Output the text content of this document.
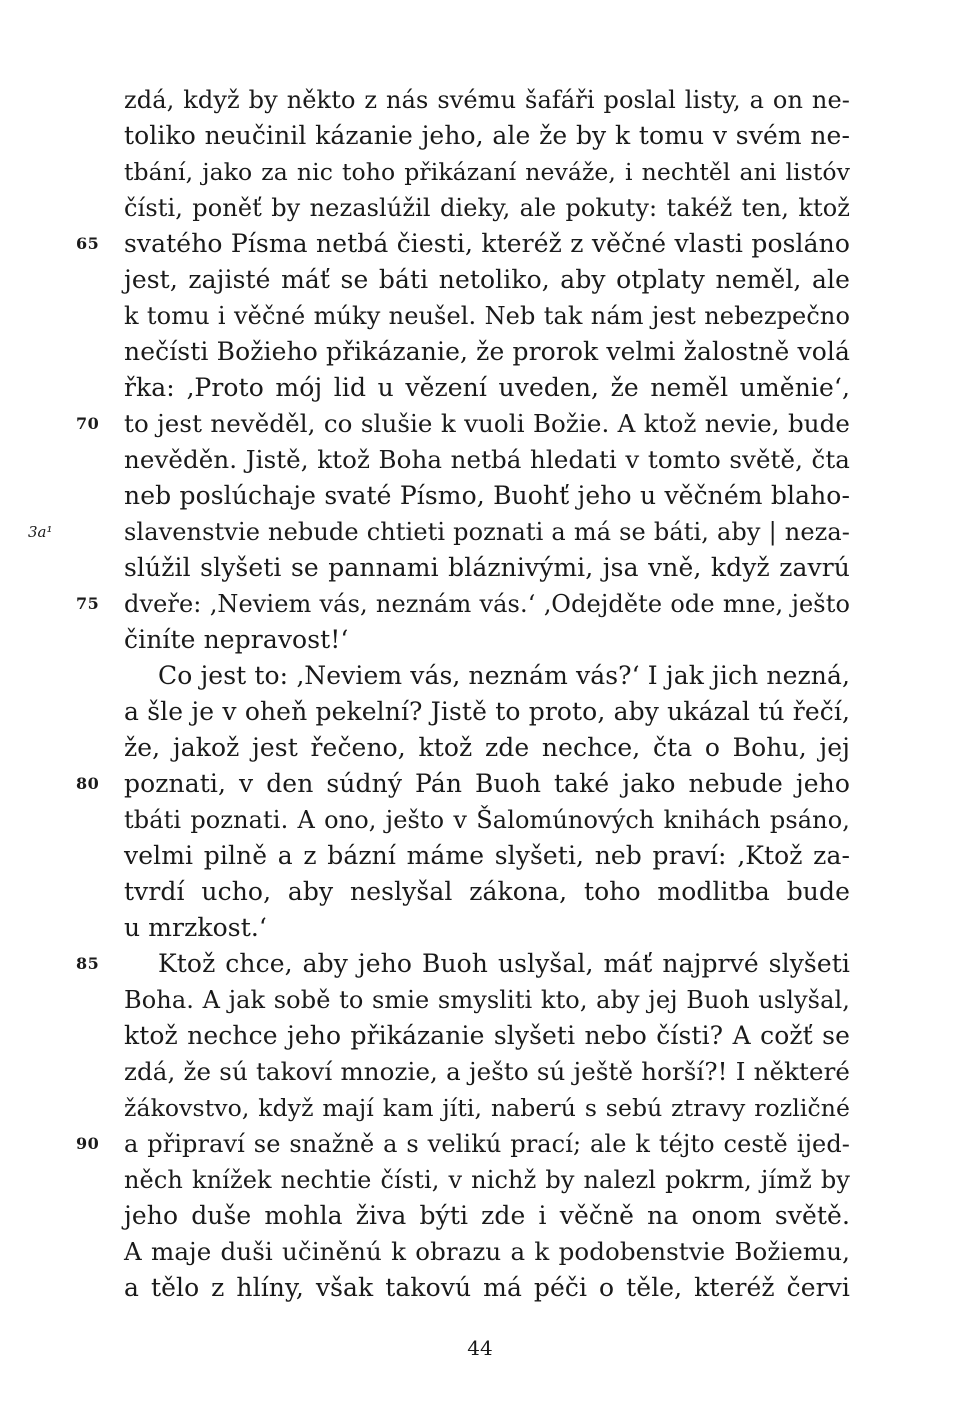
zdá, když by někto z nás svému šafáři poslal listy, a on ne-
toliko neučinil kázanie jeho, ale že by k tomu v svém ne-
tbání, jako za nic toho přikázaní neváže, i nechtěl ani listóv
čísti, poněť by nezaslúžil dieky, ale pokuty: takéž ten, ktož
svatého Písma netbá čiesti, kteréž z věčné vlasti posláno
jest, zajisté máť se báti netoliko, aby otplaty neměl, ale
k tomu i věčné múky neušel. Neb tak nám jest nebezpečno
nečísti Božieho přikázanie, že prorok velmi žalostně volá
řka: ‚Proto mój lid u vězení uveden, že neměl uměnie‘,
to jest nevěděl, co slušie k vuoli Božie. A ktož nevie, bude
nevěděn. Jistě, ktož Boha netbá hledati v tomto světě, čta
neb poslúchaje svaté Písmo, Buohť jeho u věčném blaho-
slavenstvie nebude chtieti poznati a má se báti, aby | neza-
slúžil slyšeti se pannami bláznivými, jsa vně, když zavrú
dveře: ‚Neviem vás, neznám vás.‘ ‚Odejděte ode mne, ješto
činíte nepravost!‘
Co jest to: ‚Neviem vás, neznám vás?‘ I jak jich nezná,
a šle je v oheň pekelní? Jistě to proto, aby ukázal tú řečí,
že, jakož jest řečeno, ktož zde nechce, čta o Bohu, jej
poznati, v den súdný Pán Buoh také jako nebude jeho
tbáti poznati. A ono, ješto v Šalomúnových knihách psáno,
velmi pilně a z bázní máme slyšeti, neb praví: ‚Ktož za-
tvrdí ucho, aby neslyšal zákona, toho modlitba bude
u mrzkost.‘
Ktož chce, aby jeho Buoh uslyšal, máť najprvé slyšeti
Boha. A jak sobě to smie smysliti kto, aby jej Buoh uslyšal,
ktož nechce jeho přikázanie slyšeti nebo čísti? A cožť se
zdá, že sú takoví mnozie, a ješto sú ještě horší?! I některé
žákovstvo, když mají kam jíti, naberú s sebú ztravy rozličné
a připraví se snažně a s velikú prací; ale k téjto cestě ijed-
něch knížek nechtie čísti, v nichž by nalezl pokrm, jímž by
jeho duše mohla živa býti zde i věčně na onom světě.
A maje duši učiněnú k obrazu a k podobenstvie Božiemu,
a tělo z hlíny, však takovú má péči o těle, kteréž červi
65
70
75
80
85
90
3a¹
44
